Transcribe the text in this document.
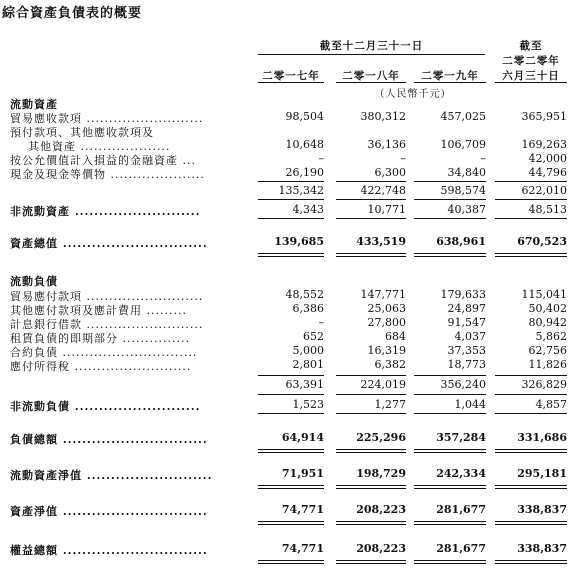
綜合資產負債表的概要
截至十二月三十一日
二零一七年	二零一八年	二零一九年
截至
二零二零年
六月三十日
（人民幣千元）
流動資產
貿易應收款項 ..........................	98,504	380,312	457,025	365,951
預付款項、其他應收款項及
其他資產 ....................	10,648	36,136	106,709	169,263
按公允價值計入損益的金融資產 ...	–	–	–	42,000
現金及現金等價物 .....................	26,190	6,300	34,840	44,796
135,342	422,748	598,574	622,010
非流動資產 ..........................	4,343	10,771	40,387	48,513
資產總值 ..............................	139,685	433,519	638,961	670,523
流動負債
貿易應付款項 ..........................	48,552	147,771	179,633	115,041
其他應付款項及應計費用 .........	6,386	25,063	24,897	50,402
計息銀行借款 ..........................	–	27,800	91,547	80,942
租賃負債的即期部分 ...............	652	684	4,037	5,862
合約負債 ..............................	5,000	16,319	37,353	62,756
應付所得稅 ..........................	2,801	6,382	18,773	11,826
63,391	224,019	356,240	326,829
非流動負債 ..........................	1,523	1,277	1,044	4,857
負債總額 ..............................	64,914	225,296	357,284	331,686
流動資產淨值 ..........................	71,951	198,729	242,334	295,181
資產淨值 ..............................	74,771	208,223	281,677	338,837
權益總額 ..............................	74,771	208,223	281,677	338,837
